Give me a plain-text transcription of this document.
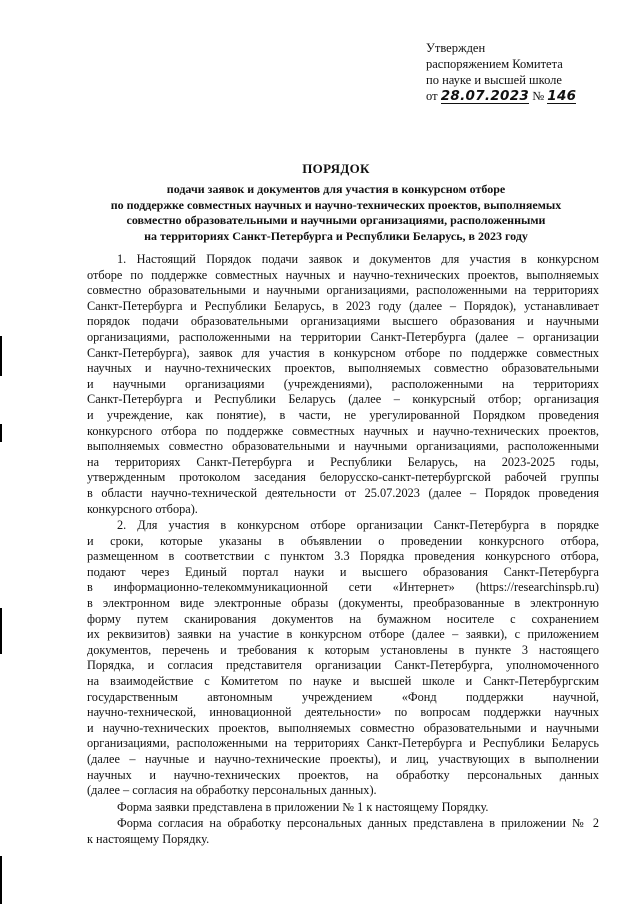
Утвержден
распоряжением Комитета
по науке и высшей школе
от 28.07.2023 № 146
ПОРЯДОК
подачи заявок и документов для участия в конкурсном отборе
по поддержке совместных научных и научно-технических проектов, выполняемых
совместно образовательными и научными организациями, расположенными
на территориях Санкт-Петербурга и Республики Беларусь, в 2023 году

1. Настоящий Порядок подачи заявок и документов для участия в конкурсном
отборе по поддержке совместных научных и научно-технических проектов, выполняемых
совместно образовательными и научными организациями, расположенными на территориях
Санкт-Петербурга и Республики Беларусь, в 2023 году (далее – Порядок), устанавливает
порядок подачи образовательными организациями высшего образования и научными
организациями, расположенными на территории Санкт-Петербурга (далее – организации
Санкт-Петербурга), заявок для участия в конкурсном отборе по поддержке совместных
научных и научно-технических проектов, выполняемых совместно образовательными
и научными организациями (учреждениями), расположенными на территориях
Санкт-Петербурга и Республики Беларусь (далее – конкурсный отбор; организация
и учреждение, как понятие), в части, не урегулированной Порядком проведения
конкурсного отбора по поддержке совместных научных и научно-технических проектов,
выполняемых совместно образовательными и научными организациями, расположенными
на территориях Санкт-Петербурга и Республики Беларусь, на 2023-2025 годы,
утвержденным протоколом заседания белорусско-санкт-петербургской рабочей группы
в области научно-технической деятельности от 25.07.2023 (далее – Порядок проведения
конкурсного отбора).

2. Для участия в конкурсном отборе организации Санкт-Петербурга в порядке
и сроки, которые указаны в объявлении о проведении конкурсного отбора,
размещенном в соответствии с пунктом 3.3 Порядка проведения конкурсного отбора,
подают через Единый портал науки и высшего образования Санкт-Петербурга
в информационно-телекоммуникационной сети «Интернет» (https://researchinspb.ru)
в электронном виде электронные образы (документы, преобразованные в электронную
форму путем сканирования документов на бумажном носителе с сохранением
их реквизитов) заявки на участие в конкурсном отборе (далее – заявки), с приложением
документов, перечень и требования к которым установлены в пункте 3 настоящего
Порядка, и согласия представителя организации Санкт-Петербурга, уполномоченного
на взаимодействие с Комитетом по науке и высшей школе и Санкт-Петербургским
государственным автономным учреждением «Фонд поддержки научной,
научно-технической, инновационной деятельности» по вопросам поддержки научных
и научно-технических проектов, выполняемых совместно образовательными и научными
организациями, расположенными на территориях Санкт-Петербурга и Республики Беларусь
(далее – научные и научно-технические проекты), и лиц, участвующих в выполнении
научных и научно-технических проектов, на обработку персональных данных
(далее – согласия на обработку персональных данных).

Форма заявки представлена в приложении № 1 к настоящему Порядку.

Форма согласия на обработку персональных данных представлена в приложении № 2
к настоящему Порядку.
